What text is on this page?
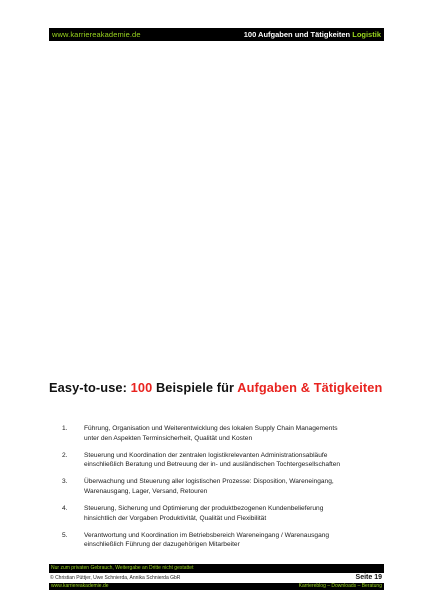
www.karriereakademie.de	100 Aufgaben und Tätigkeiten Logistik
Easy-to-use: 100 Beispiele für Aufgaben & Tätigkeiten
1.	Führung, Organisation und Weiterentwicklung des lokalen Supply Chain Managements
unter den Aspekten Terminsicherheit, Qualität und Kosten
2.	Steuerung und Koordination der zentralen logistikrelevanten Administrationsabläufe
einschließlich Beratung und Betreuung der in- und ausländischen Tochtergesellschaften
3.	Überwachung und Steuerung aller logistischen Prozesse: Disposition, Wareneingang,
Warenausgang, Lager, Versand, Retouren
4.	Steuerung, Sicherung und Optimierung der produktbezogenen Kundenbelieferung
hinsichtlich der Vorgaben Produktivität, Qualität und Flexibilität
5.	Verantwortung und Koordination im Betriebsbereich Wareneingang / Warenausgang
einschließlich Führung der dazugehörigen Mitarbeiter
Nur zum privaten Gebrauch, Weitergabe an Dritte nicht gestattet
© Christian Püttjer, Uwe Schnierda, Annika Schnierda GbR	Seite 19
www.karriereakademie.de	Karriereblog – Downloads – Beratung
